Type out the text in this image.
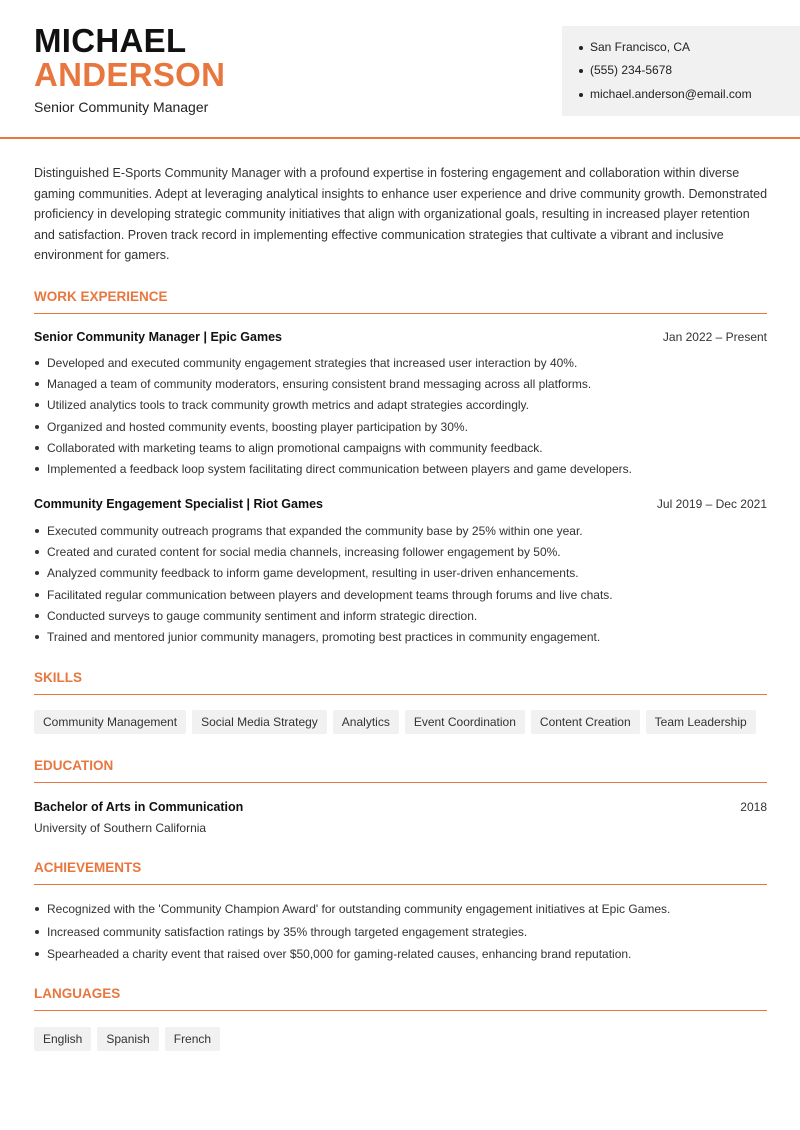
MICHAEL
ANDERSON
Senior Community Manager
San Francisco, CA
(555) 234-5678
michael.anderson@email.com
Distinguished E-Sports Community Manager with a profound expertise in fostering engagement and collaboration within diverse gaming communities. Adept at leveraging analytical insights to enhance user experience and drive community growth. Demonstrated proficiency in developing strategic community initiatives that align with organizational goals, resulting in increased player retention and satisfaction. Proven track record in implementing effective communication strategies that cultivate a vibrant and inclusive environment for gamers.
WORK EXPERIENCE
Senior Community Manager | Epic Games	Jan 2022 – Present
Developed and executed community engagement strategies that increased user interaction by 40%.
Managed a team of community moderators, ensuring consistent brand messaging across all platforms.
Utilized analytics tools to track community growth metrics and adapt strategies accordingly.
Organized and hosted community events, boosting player participation by 30%.
Collaborated with marketing teams to align promotional campaigns with community feedback.
Implemented a feedback loop system facilitating direct communication between players and game developers.
Community Engagement Specialist | Riot Games	Jul 2019 – Dec 2021
Executed community outreach programs that expanded the community base by 25% within one year.
Created and curated content for social media channels, increasing follower engagement by 50%.
Analyzed community feedback to inform game development, resulting in user-driven enhancements.
Facilitated regular communication between players and development teams through forums and live chats.
Conducted surveys to gauge community sentiment and inform strategic direction.
Trained and mentored junior community managers, promoting best practices in community engagement.
SKILLS
Community Management	Social Media Strategy	Analytics	Event Coordination	Content Creation	Team Leadership
EDUCATION
Bachelor of Arts in Communication	2018
University of Southern California
ACHIEVEMENTS
Recognized with the 'Community Champion Award' for outstanding community engagement initiatives at Epic Games.
Increased community satisfaction ratings by 35% through targeted engagement strategies.
Spearheaded a charity event that raised over $50,000 for gaming-related causes, enhancing brand reputation.
LANGUAGES
English	Spanish	French
